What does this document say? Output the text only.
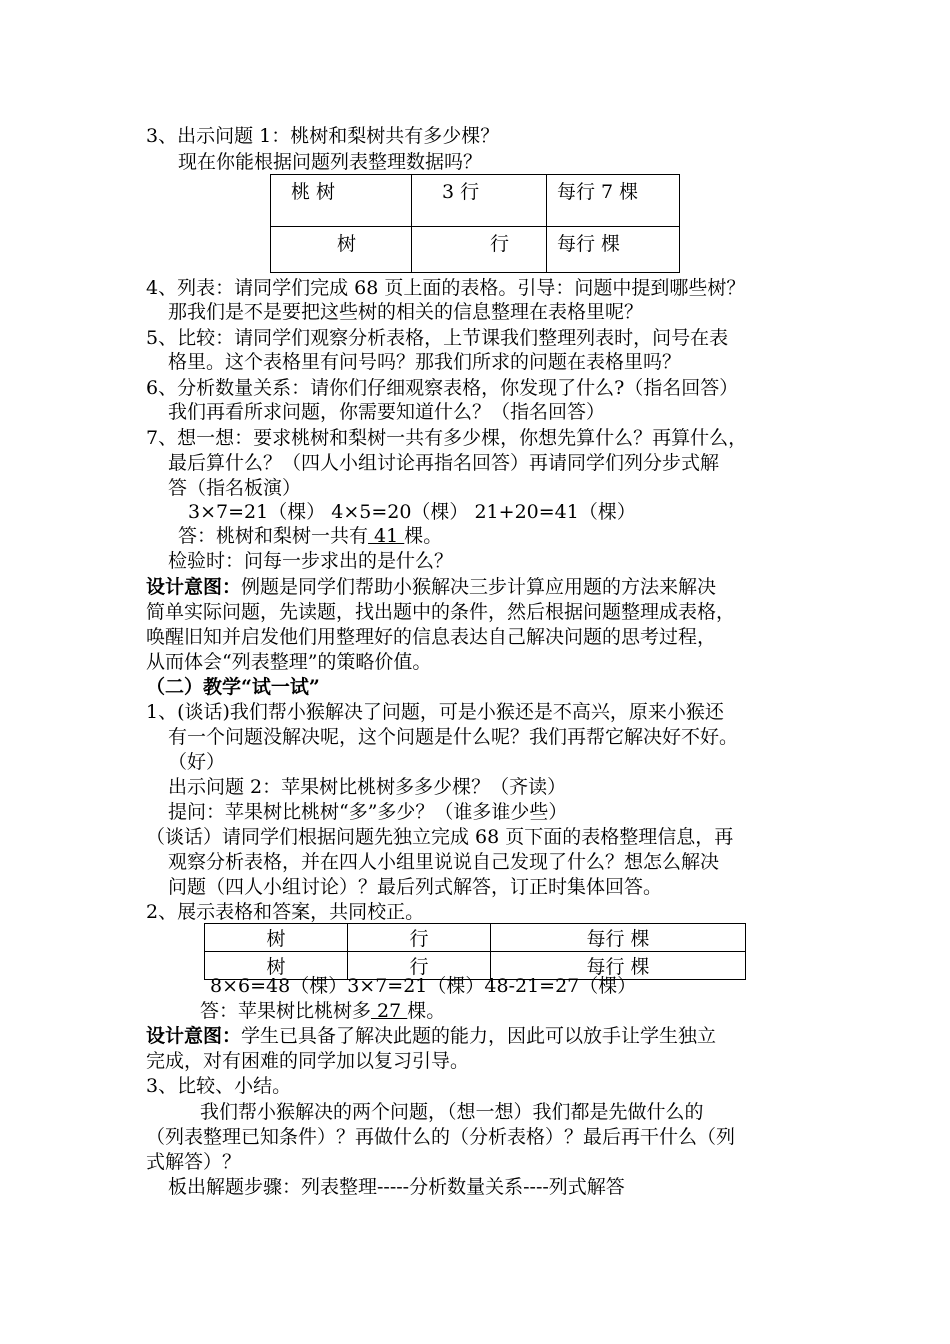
3、出示问题 1：桃树和梨树共有多少棵？
现在你能根据问题列表整理数据吗？
桃 树	3 行	每行 7 棵
树	行	每行 棵
4、列表：请同学们完成 68 页上面的表格。引导：问题中提到哪些树？
那我们是不是要把这些树的相关的信息整理在表格里呢？
5、比较：请同学们观察分析表格，上节课我们整理列表时，问号在表
格里。这个表格里有问号吗？那我们所求的问题在表格里吗？
6、分析数量关系：请你们仔细观察表格，你发现了什么?（指名回答）
我们再看所求问题，你需要知道什么？（指名回答）
7、想一想：要求桃树和梨树一共有多少棵，你想先算什么？再算什么，
最后算什么？（四人小组讨论再指名回答）再请同学们列分步式解
答（指名板演）
3×7=21（棵） 4×5=20（棵） 21+20=41（棵）
答：桃树和梨树一共有 41 棵。
检验时：问每一步求出的是什么？
设计意图：例题是同学们帮助小猴解决三步计算应用题的方法来解决
简单实际问题，先读题，找出题中的条件，然后根据问题整理成表格，
唤醒旧知并启发他们用整理好的信息表达自己解决问题的思考过程，
从而体会“列表整理”的策略价值。
（二）教学“试一试”
1、(谈话)我们帮小猴解决了问题，可是小猴还是不高兴，原来小猴还
有一个问题没解决呢，这个问题是什么呢？我们再帮它解决好不好。
（好）
出示问题 2：苹果树比桃树多多少棵？（齐读）
提问：苹果树比桃树“多”多少？（谁多谁少些）
（谈话）请同学们根据问题先独立完成 68 页下面的表格整理信息，再
观察分析表格，并在四人小组里说说自己发现了什么？想怎么解决
问题（四人小组讨论）？最后列式解答，订正时集体回答。
2、展示表格和答案，共同校正。
树	行	每行 棵
树	行	每行 棵
8×6=48（棵）3×7=21（棵）48-21=27（棵）
答：苹果树比桃树多 27 棵。
设计意图：学生已具备了解决此题的能力，因此可以放手让学生独立
完成，对有困难的同学加以复习引导。
3、比较、小结。
我们帮小猴解决的两个问题，（想一想）我们都是先做什么的
（列表整理已知条件）？再做什么的（分析表格）？最后再干什么（列
式解答）？
板出解题步骤：列表整理-----分析数量关系----列式解答
